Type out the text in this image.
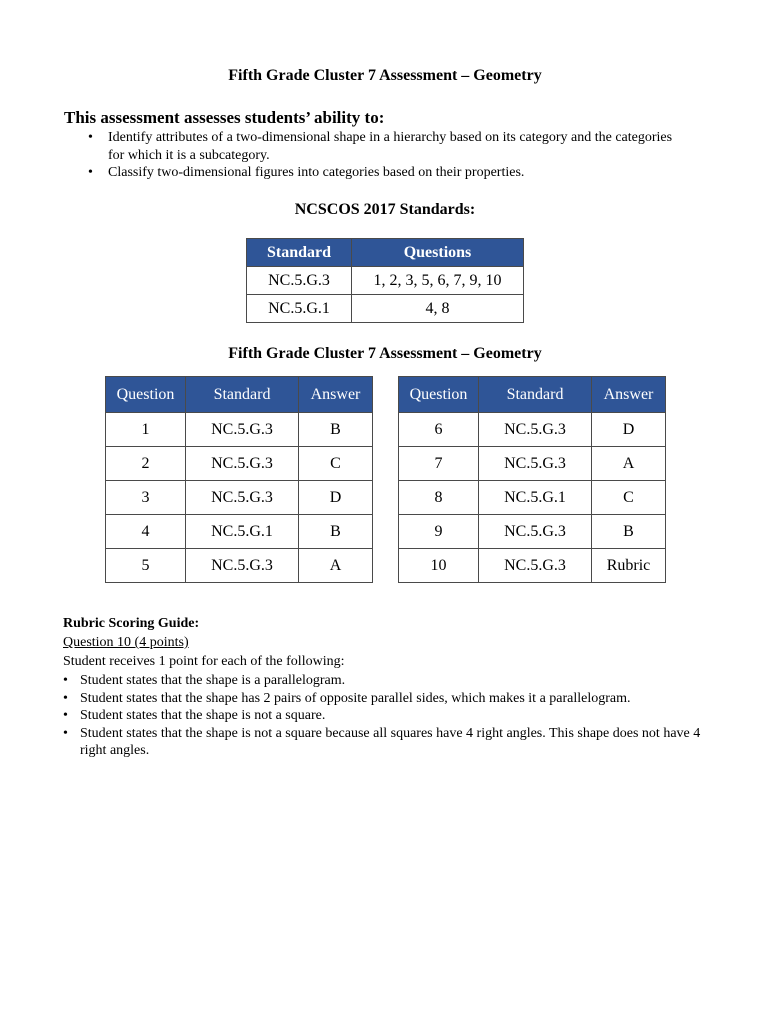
Fifth Grade Cluster 7 Assessment – Geometry
This assessment assesses students’ ability to:
• Identify attributes of a two-dimensional shape in a hierarchy based on its category and the categories for which it is a subcategory.
• Classify two-dimensional figures into categories based on their properties.
NCSCOS 2017 Standards:
Standard	Questions
NC.5.G.3	1, 2, 3, 5, 6, 7, 9, 10
NC.5.G.1	4, 8
Fifth Grade Cluster 7 Assessment – Geometry
Question	Standard	Answer
1	NC.5.G.3	B
2	NC.5.G.3	C
3	NC.5.G.3	D
4	NC.5.G.1	B
5	NC.5.G.3	A
Question	Standard	Answer
6	NC.5.G.3	D
7	NC.5.G.3	A
8	NC.5.G.1	C
9	NC.5.G.3	B
10	NC.5.G.3	Rubric
Rubric Scoring Guide:
Question 10 (4 points)
Student receives 1 point for each of the following:
• Student states that the shape is a parallelogram.
• Student states that the shape has 2 pairs of opposite parallel sides, which makes it a parallelogram.
• Student states that the shape is not a square.
• Student states that the shape is not a square because all squares have 4 right angles. This shape does not have 4 right angles.
